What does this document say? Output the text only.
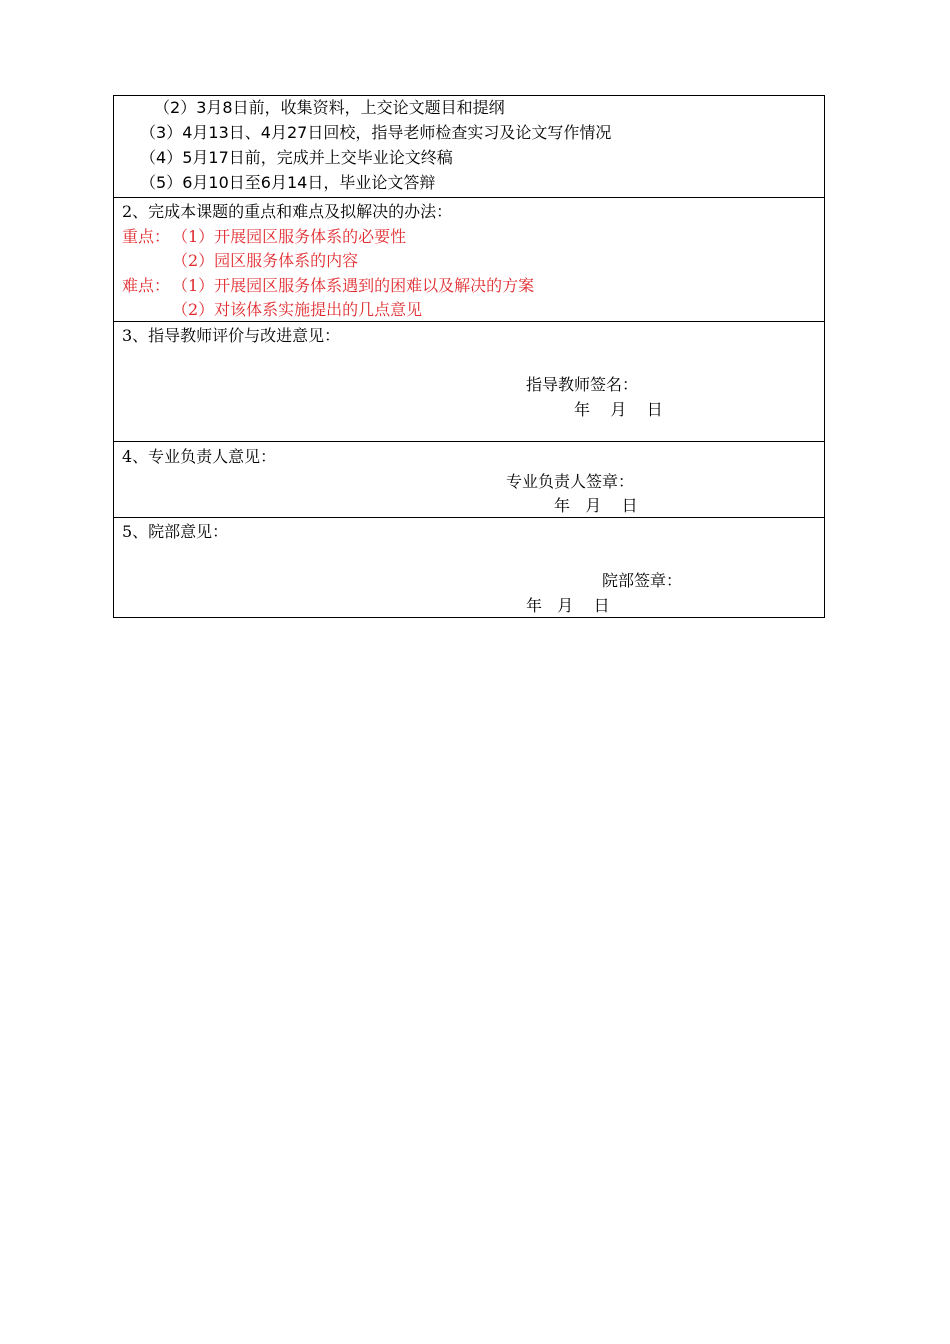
（2）3月8日前，收集资料，上交论文题目和提纲
（3）4月13日、4月27日回校，指导老师检查实习及论文写作情况
（4）5月17日前，完成并上交毕业论文终稿
（5）6月10日至6月14日，毕业论文答辩
2、完成本课题的重点和难点及拟解决的办法：
重点： （1）开展园区服务体系的必要性
（2）园区服务体系的内容
难点： （1）开展园区服务体系遇到的困难以及解决的方案
（2）对该体系实施提出的几点意见
3、指导教师评价与改进意见：
指导教师签名：
年    月    日
4、专业负责人意见：
专业负责人签章：
年   月    日
5、院部意见：
院部签章：
年   月    日
